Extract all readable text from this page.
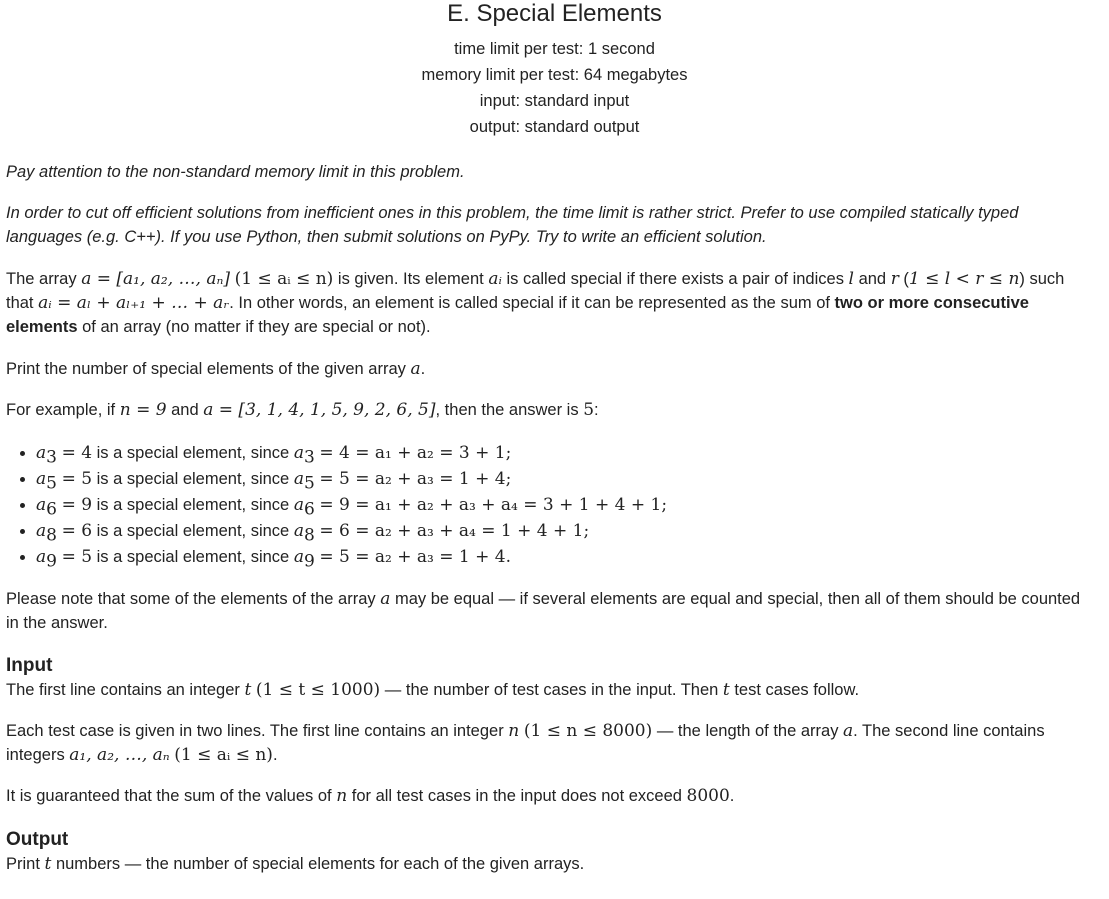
E. Special Elements
time limit per test: 1 second
memory limit per test: 64 megabytes
input: standard input
output: standard output

Pay attention to the non-standard memory limit in this problem.

In order to cut off efficient solutions from inefficient ones in this problem, the time limit is rather strict. Prefer to use compiled statically typed languages (e.g. C++). If you use Python, then submit solutions on PyPy. Try to write an efficient solution.

The array a = [a₁, a₂, …, aₙ] (1 ≤ aᵢ ≤ n) is given. Its element aᵢ is called special if there exists a pair of indices l and r (1 ≤ l < r ≤ n) such that aᵢ = aₗ + aₗ₊₁ + … + aᵣ. In other words, an element is called special if it can be represented as the sum of two or more consecutive elements of an array (no matter if they are special or not).

Print the number of special elements of the given array a.

For example, if n = 9 and a = [3, 1, 4, 1, 5, 9, 2, 6, 5], then the answer is 5:

• $a_3 = 4$ is a special element, since $a_3 = 4 = a_1 + a_2 = 3 + 1$;
• $a_5 = 5$ is a special element, since $a_5 = 5 = a_2 + a_3 = 1 + 4$;
• $a_6 = 9$ is a special element, since $a_6 = 9 = a_1 + a_2 + a_3 + a_4 = 3 + 1 + 4 + 1$;
• $a_8 = 6$ is a special element, since $a_8 = 6 = a_2 + a_3 + a_4 = 1 + 4 + 1$;
• $a_9 = 5$ is a special element, since $a_9 = 5 = a_2 + a_3 = 1 + 4$.

Please note that some of the elements of the array a may be equal — if several elements are equal and special, then all of them should be counted in the answer.

Input

The first line contains an integer t (1 ≤ t ≤ 1000) — the number of test cases in the input. Then t test cases follow.

Each test case is given in two lines. The first line contains an integer n (1 ≤ n ≤ 8000) — the length of the array a. The second line contains integers a₁, a₂, …, aₙ (1 ≤ aᵢ ≤ n).

It is guaranteed that the sum of the values of n for all test cases in the input does not exceed 8000.

Output

Print t numbers — the number of special elements for each of the given arrays.
